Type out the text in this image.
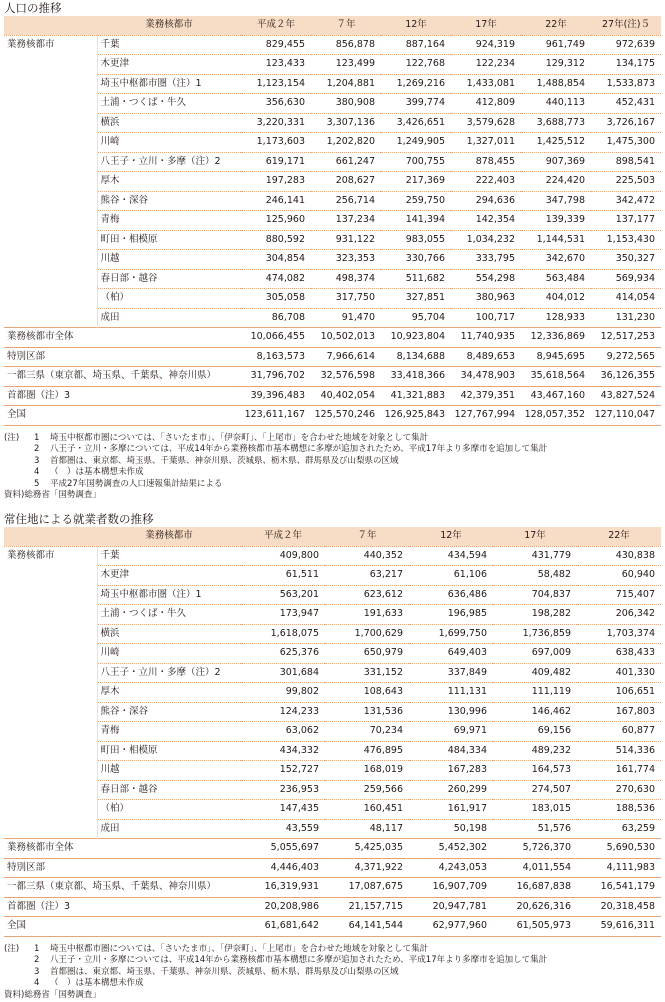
人口の推移
	業務核都市	平成２年	７年	12年	17年	22年	27年(注)５
業務核都市	千葉	829,455	856,878	887,164	924,319	961,749	972,639
	木更津	123,433	123,499	122,768	122,234	129,312	134,175
	埼玉中枢都市圏（注）1	1,123,154	1,204,881	1,269,216	1,433,081	1,488,854	1,533,873
	土浦・つくば・牛久	356,630	380,908	399,774	412,809	440,113	452,431
	横浜	3,220,331	3,307,136	3,426,651	3,579,628	3,688,773	3,726,167
	川崎	1,173,603	1,202,820	1,249,905	1,327,011	1,425,512	1,475,300
	八王子・立川・多摩（注）2	619,171	661,247	700,755	878,455	907,369	898,541
	厚木	197,283	208,627	217,369	222,403	224,420	225,503
	熊谷・深谷	246,141	256,714	259,750	294,636	347,798	342,472
	青梅	125,960	137,234	141,394	142,354	139,339	137,177
	町田・相模原	880,592	931,122	983,055	1,034,232	1,144,531	1,153,430
	川越	304,854	323,353	330,766	333,795	342,670	350,327
	春日部・越谷	474,082	498,374	511,682	554,298	563,484	569,934
	（柏）	305,058	317,750	327,851	380,963	404,012	414,054
	成田	86,708	91,470	95,704	100,717	128,933	131,230
業務核都市全体		10,066,455	10,502,013	10,923,804	11,740,935	12,336,869	12,517,253
特別区部		8,163,573	7,966,614	8,134,688	8,489,653	8,945,695	9,272,565
一都三県（東京都、埼玉県、千葉県、神奈川県）		31,796,702	32,576,598	33,418,366	34,478,903	35,618,564	36,126,355
首都圏（注）3		39,396,483	40,402,054	41,321,883	42,379,351	43,467,160	43,827,524
全国		123,611,167	125,570,246	126,925,843	127,767,994	128,057,352	127,110,047
(注)	1	埼玉中枢都市圏については、「さいたま市」、「伊奈町」、「上尾市」を合わせた地域を対象として集計
2	八王子・立川・多摩については、平成14年から業務核都市基本構想に多摩が追加されたため、平成17年より多摩市を追加して集計
3	首都圏は、東京都、埼玉県、千葉県、神奈川県、茨城県、栃木県、群馬県及び山梨県の区域
4	（　）は基本構想未作成
5	平成27年国勢調査の人口速報集計結果による
資料) 総務省「国勢調査」
常住地による就業者数の推移
	業務核都市	平成２年	７年	12年	17年	22年
業務核都市	千葉	409,800	440,352	434,594	431,779	430,838
	木更津	61,511	63,217	61,106	58,482	60,940
	埼玉中枢都市圏（注）1	563,201	623,612	636,486	704,837	715,407
	土浦・つくば・牛久	173,947	191,633	196,985	198,282	206,342
	横浜	1,618,075	1,700,629	1,699,750	1,736,859	1,703,374
	川崎	625,376	650,979	649,403	697,009	638,433
	八王子・立川・多摩（注）2	301,684	331,152	337,849	409,482	401,330
	厚木	99,802	108,643	111,131	111,119	106,651
	熊谷・深谷	124,233	131,536	130,996	146,462	167,803
	青梅	63,062	70,234	69,971	69,156	60,877
	町田・相模原	434,332	476,895	484,334	489,232	514,336
	川越	152,727	168,019	167,283	164,573	161,774
	春日部・越谷	236,953	259,566	260,299	274,507	270,630
	（柏）	147,435	160,451	161,917	183,015	188,536
	成田	43,559	48,117	50,198	51,576	63,259
業務核都市全体		5,055,697	5,425,035	5,452,302	5,726,370	5,690,530
特別区部		4,446,403	4,371,922	4,243,053	4,011,554	4,111,983
一都三県（東京都、埼玉県、千葉県、神奈川県）		16,319,931	17,087,675	16,907,709	16,687,838	16,541,179
首都圏（注）3		20,208,986	21,157,715	20,947,781	20,626,316	20,318,458
全国		61,681,642	64,141,544	62,977,960	61,505,973	59,616,311
(注)	1	埼玉中枢都市圏については、「さいたま市」、「伊奈町」、「上尾市」を合わせた地域を対象として集計
2	八王子・立川・多摩については、平成14年から業務核都市基本構想に多摩が追加されたため、平成17年より多摩市を追加して集計
3	首都圏は、東京都、埼玉県、千葉県、神奈川県、茨城県、栃木県、群馬県及び山梨県の区域
4	（　）は基本構想未作成
資料) 総務省「国勢調査」
